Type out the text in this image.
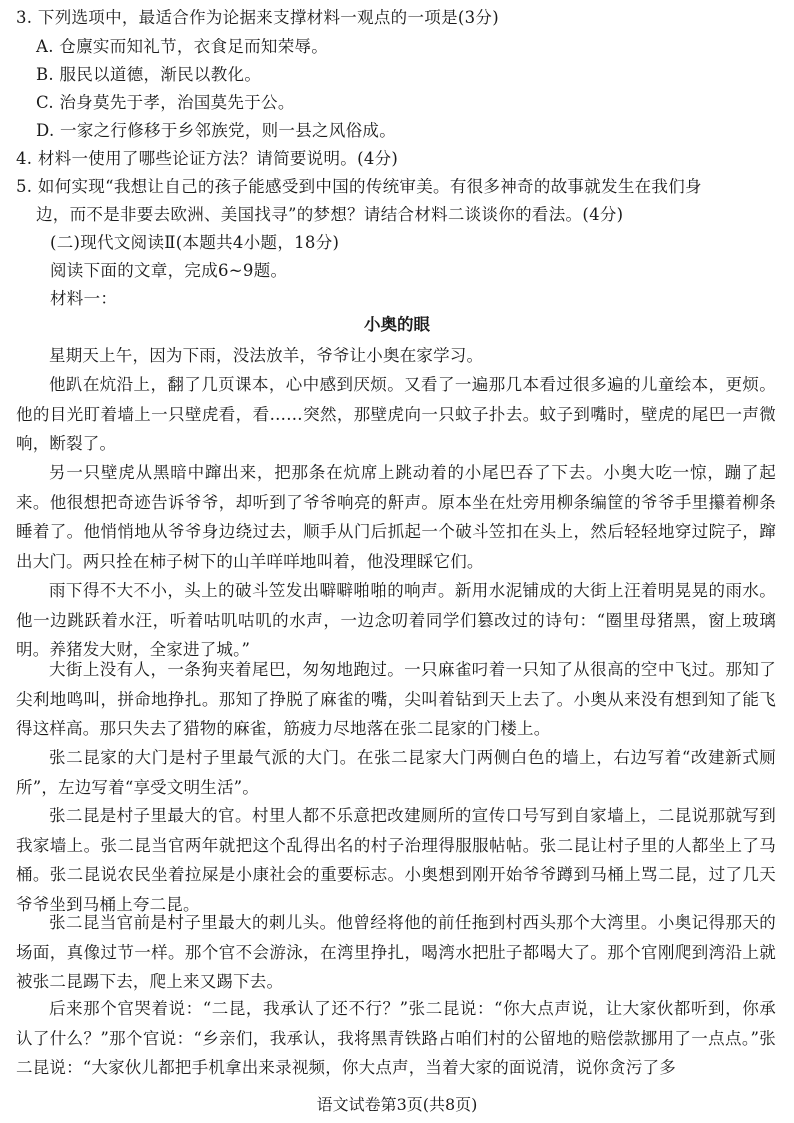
3. 下列选项中，最适合作为论据来支撑材料一观点的一项是(3分)
A. 仓廪实而知礼节，衣食足而知荣辱。
B. 服民以道德，渐民以教化。
C. 治身莫先于孝，治国莫先于公。
D. 一家之行修移于乡邻族党，则一县之风俗成。
4. 材料一使用了哪些论证方法？请简要说明。(4分)
5. 如何实现“我想让自己的孩子能感受到中国的传统审美。有很多神奇的故事就发生在我们身
边，而不是非要去欧洲、美国找寻”的梦想？请结合材料二谈谈你的看法。(4分)
(二)现代文阅读Ⅱ(本题共4小题，18分)
阅读下面的文章，完成6~9题。
材料一：
小奥的眼
星期天上午，因为下雨，没法放羊，爷爷让小奥在家学习。
他趴在炕沿上，翻了几页课本，心中感到厌烦。又看了一遍那几本看过很多遍的儿童绘本，更烦。他的目光盯着墙上一只壁虎看，看……突然，那壁虎向一只蚊子扑去。蚊子到嘴时，壁虎的尾巴一声微响，断裂了。
另一只壁虎从黑暗中蹿出来，把那条在炕席上跳动着的小尾巴吞了下去。小奥大吃一惊，蹦了起来。他很想把奇迹告诉爷爷，却听到了爷爷响亮的鼾声。原本坐在灶旁用柳条编筐的爷爷手里攥着柳条睡着了。他悄悄地从爷爷身边绕过去，顺手从门后抓起一个破斗笠扣在头上，然后轻轻地穿过院子，蹿出大门。两只拴在柿子树下的山羊咩咩地叫着，他没理睬它们。
雨下得不大不小，头上的破斗笠发出噼噼啪啪的响声。新用水泥铺成的大街上汪着明晃晃的雨水。他一边跳跃着水汪，听着咕叽咕叽的水声，一边念叨着同学们篡改过的诗句：“圈里母猪黑，窗上玻璃明。养猪发大财，全家进了城。”
大街上没有人，一条狗夹着尾巴，匆匆地跑过。一只麻雀叼着一只知了从很高的空中飞过。那知了尖利地鸣叫，拼命地挣扎。那知了挣脱了麻雀的嘴，尖叫着钻到天上去了。小奥从来没有想到知了能飞得这样高。那只失去了猎物的麻雀，筋疲力尽地落在张二昆家的门楼上。
张二昆家的大门是村子里最气派的大门。在张二昆家大门两侧白色的墙上，右边写着“改建新式厕所”，左边写着“享受文明生活”。
张二昆是村子里最大的官。村里人都不乐意把改建厕所的宣传口号写到自家墙上，二昆说那就写到我家墙上。张二昆当官两年就把这个乱得出名的村子治理得服服帖帖。张二昆让村子里的人都坐上了马桶。张二昆说农民坐着拉屎是小康社会的重要标志。小奥想到刚开始爷爷蹲到马桶上骂二昆，过了几天爷爷坐到马桶上夸二昆。
张二昆当官前是村子里最大的刺儿头。他曾经将他的前任拖到村西头那个大湾里。小奥记得那天的场面，真像过节一样。那个官不会游泳，在湾里挣扎，喝湾水把肚子都喝大了。那个官刚爬到湾沿上就被张二昆踢下去，爬上来又踢下去。
后来那个官哭着说：“二昆，我承认了还不行？”张二昆说：“你大点声说，让大家伙都听到，你承认了什么？”那个官说：“乡亲们，我承认，我将黑青铁路占咱们村的公留地的赔偿款挪用了一点点。”张二昆说：“大家伙儿都把手机拿出来录视频，你大点声，当着大家的面说清，说你贪污了多
语文试卷第3页(共8页)
